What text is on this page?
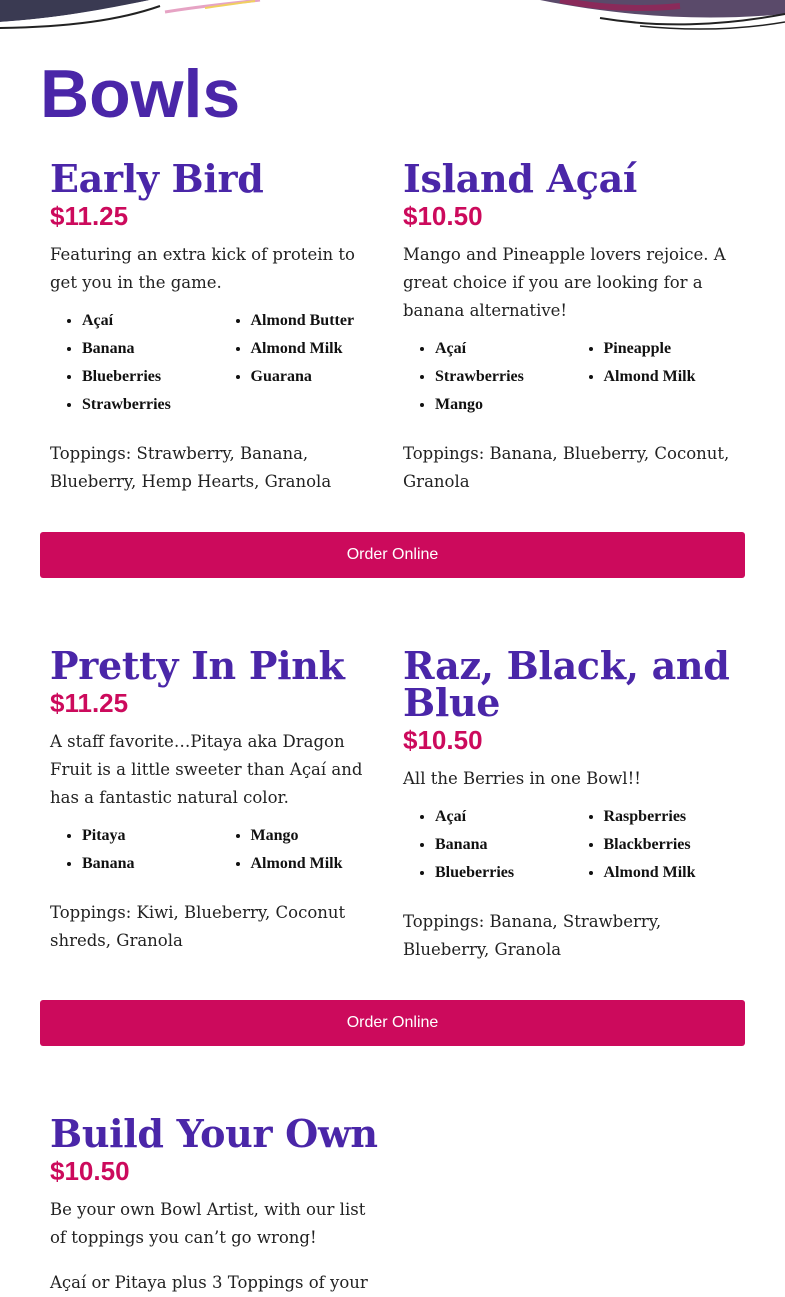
Bowls
Early Bird
$11.25

Featuring an extra kick of protein to get you in the game.

• Açaí
• Banana
• Blueberries
• Strawberries
• Almond Butter
• Almond Milk
• Guarana

Toppings: Strawberry, Banana, Blueberry, Hemp Hearts, Granola

Island Açaí
$10.50

Mango and Pineapple lovers rejoice. A great choice if you are looking for a banana alternative!

• Açaí
• Strawberries
• Mango
• Pineapple
• Almond Milk

Toppings: Banana, Blueberry, Coconut, Granola

Order Online
Pretty In Pink
$11.25

A staff favorite…Pitaya aka Dragon Fruit is a little sweeter than Açaí and has a fantastic natural color.

• Pitaya
• Banana
• Mango
• Almond Milk

Toppings: Kiwi, Blueberry, Coconut shreds, Granola

Raz, Black, and Blue
$10.50

All the Berries in one Bowl!!

• Açaí
• Banana
• Blueberries
• Raspberries
• Blackberries
• Almond Milk

Toppings: Banana, Strawberry, Blueberry, Granola

Order Online
Build Your Own
$10.50

Be your own Bowl Artist, with our list of toppings you can’t go wrong!

Açaí or Pitaya plus 3 Toppings of your
